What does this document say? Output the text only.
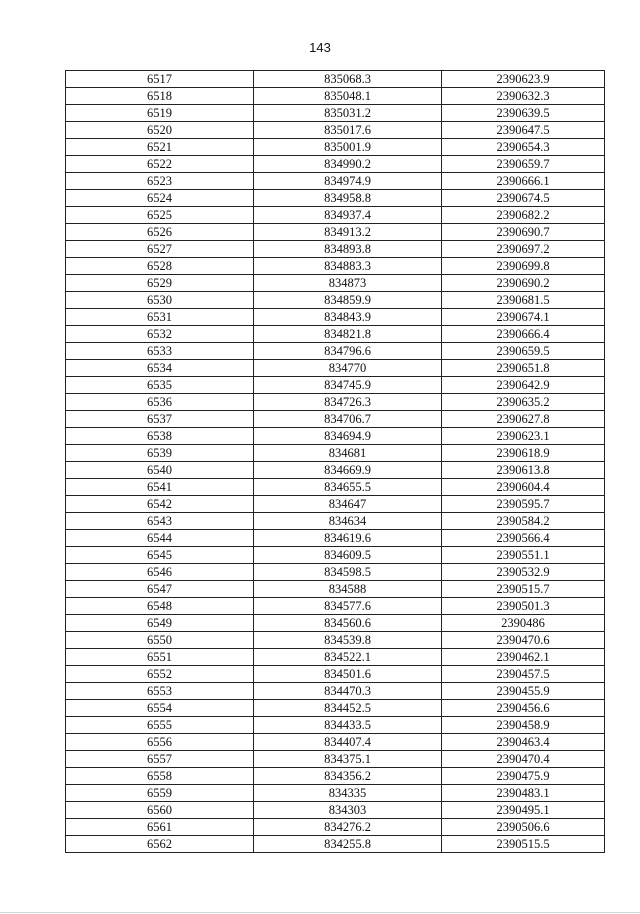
143
6517	835068.3	2390623.9
6518	835048.1	2390632.3
6519	835031.2	2390639.5
6520	835017.6	2390647.5
6521	835001.9	2390654.3
6522	834990.2	2390659.7
6523	834974.9	2390666.1
6524	834958.8	2390674.5
6525	834937.4	2390682.2
6526	834913.2	2390690.7
6527	834893.8	2390697.2
6528	834883.3	2390699.8
6529	834873	2390690.2
6530	834859.9	2390681.5
6531	834843.9	2390674.1
6532	834821.8	2390666.4
6533	834796.6	2390659.5
6534	834770	2390651.8
6535	834745.9	2390642.9
6536	834726.3	2390635.2
6537	834706.7	2390627.8
6538	834694.9	2390623.1
6539	834681	2390618.9
6540	834669.9	2390613.8
6541	834655.5	2390604.4
6542	834647	2390595.7
6543	834634	2390584.2
6544	834619.6	2390566.4
6545	834609.5	2390551.1
6546	834598.5	2390532.9
6547	834588	2390515.7
6548	834577.6	2390501.3
6549	834560.6	2390486
6550	834539.8	2390470.6
6551	834522.1	2390462.1
6552	834501.6	2390457.5
6553	834470.3	2390455.9
6554	834452.5	2390456.6
6555	834433.5	2390458.9
6556	834407.4	2390463.4
6557	834375.1	2390470.4
6558	834356.2	2390475.9
6559	834335	2390483.1
6560	834303	2390495.1
6561	834276.2	2390506.6
6562	834255.8	2390515.5
